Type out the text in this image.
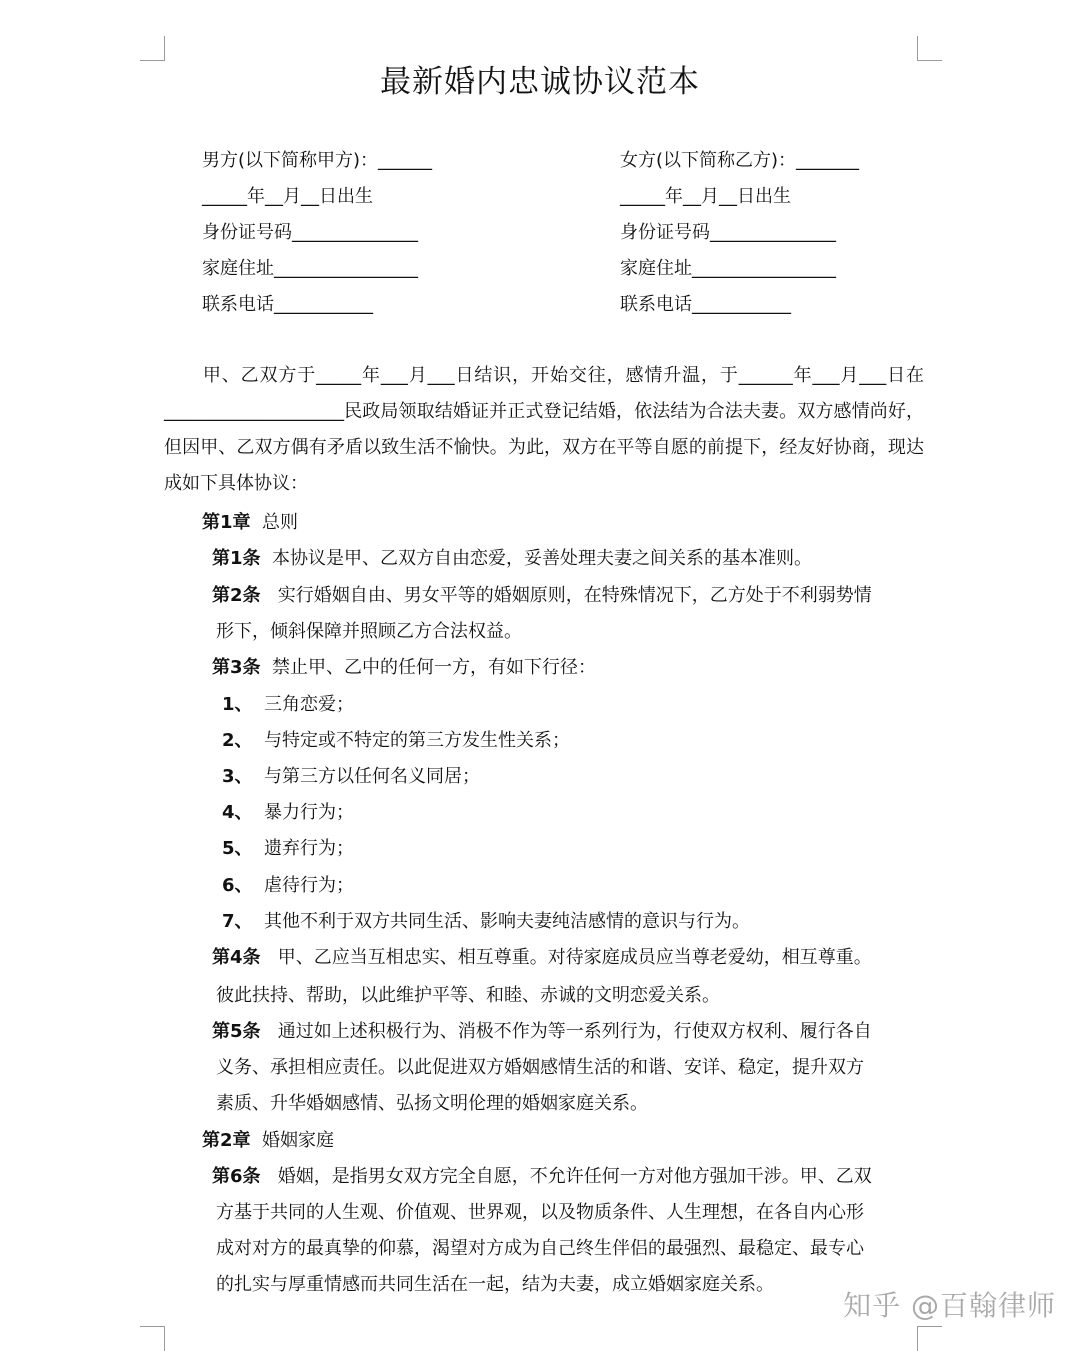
最新婚内忠诚协议范本
男方(以下简称甲方)：______	女方(以下简称乙方)：_______
_____年__月__日出生	_____年__月__日出生
身份证号码______________	身份证号码______________
家庭住址________________	家庭住址________________
联系电话___________	联系电话___________
甲、乙双方于_____年___月___日结识，开始交往，感情升温，于______年___月___日在____________________民政局领取结婚证并正式登记结婚，依法结为合法夫妻。双方感情尚好，但因甲、乙双方偶有矛盾以致生活不愉快。为此，双方在平等自愿的前提下，经友好协商，现达成如下具体协议：
第1章 总则
第1条 本协议是甲、乙双方自由恋爱，妥善处理夫妻之间关系的基本准则。
第2条 实行婚姻自由、男女平等的婚姻原则，在特殊情况下，乙方处于不利弱势情
形下，倾斜保障并照顾乙方合法权益。
第3条 禁止甲、乙中的任何一方，有如下行径：
1、 三角恋爱；
2、 与特定或不特定的第三方发生性关系；
3、 与第三方以任何名义同居；
4、 暴力行为；
5、 遗弃行为；
6、 虐待行为；
7、 其他不利于双方共同生活、影响夫妻纯洁感情的意识与行为。
第4条 甲、乙应当互相忠实、相互尊重。对待家庭成员应当尊老爱幼，相互尊重。
彼此扶持、帮助，以此维护平等、和睦、赤诚的文明恋爱关系。
第5条 通过如上述积极行为、消极不作为等一系列行为，行使双方权利、履行各自
义务、承担相应责任。以此促进双方婚姻感情生活的和谐、安详、稳定，提升双方
素质、升华婚姻感情、弘扬文明伦理的婚姻家庭关系。
第2章 婚姻家庭
第6条 婚姻，是指男女双方完全自愿，不允许任何一方对他方强加干涉。甲、乙双
方基于共同的人生观、价值观、世界观，以及物质条件、人生理想，在各自内心形
成对对方的最真挚的仰慕，渴望对方成为自己终生伴侣的最强烈、最稳定、最专心
的扎实与厚重情感而共同生活在一起，结为夫妻，成立婚姻家庭关系。
知乎 @百翰律师
